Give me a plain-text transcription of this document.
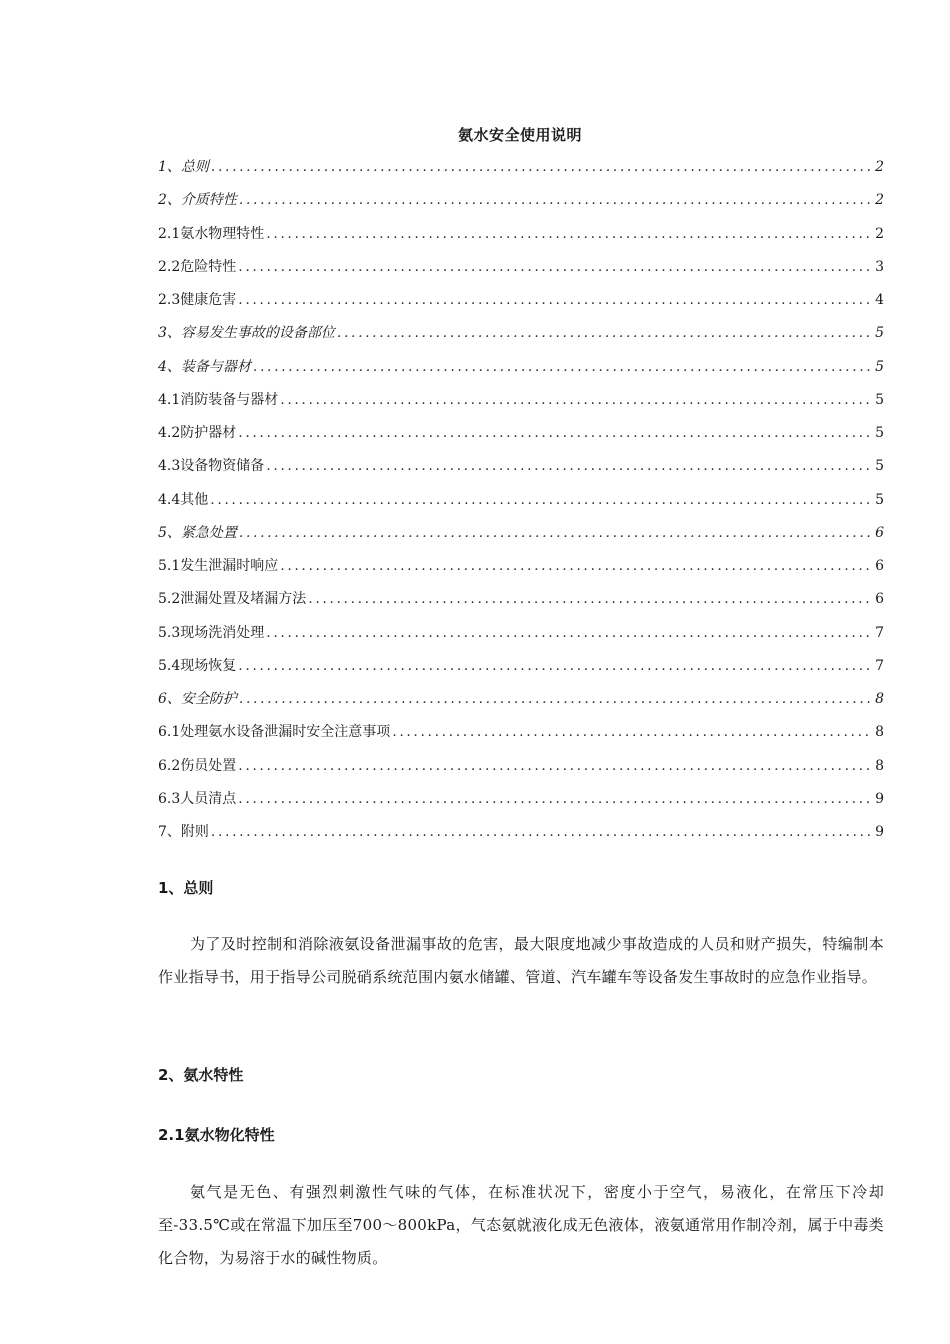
氨水安全使用说明
1、总则 .....	2
2、介质特性 .....	2
2.1氨水物理特性 .....	2
2.2危险特性 .....	3
2.3健康危害 .....	4
3、容易发生事故的设备部位 .....	5
4、装备与器材 .....	5
4.1消防装备与器材 .....	5
4.2防护器材 .....	5
4.3设备物资储备 .....	5
4.4其他 .....	5
5、紧急处置 .....	6
5.1发生泄漏时响应 .....	6
5.2泄漏处置及堵漏方法 .....	6
5.3现场洗消处理 .....	7
5.4现场恢复 .....	7
6、安全防护 .....	8
6.1处理氨水设备泄漏时安全注意事项 .....	8
6.2伤员处置 .....	8
6.3人员清点 .....	9
7、附则 .....	9
1、总则
为了及时控制和消除液氨设备泄漏事故的危害，最大限度地减少事故造成的人员和财产损失，特编制本作业指导书，用于指导公司脱硝系统范围内氨水储罐、管道、汽车罐车等设备发生事故时的应急作业指导。
2、氨水特性
2.1氨水物化特性
氨气是无色、有强烈刺激性气味的气体，在标准状况下，密度小于空气，易液化，在常压下冷却至-33.5℃或在常温下加压至700～800kPa，气态氨就液化成无色液体，液氨通常用作制冷剂，属于中毒类化合物，为易溶于水的碱性物质。
